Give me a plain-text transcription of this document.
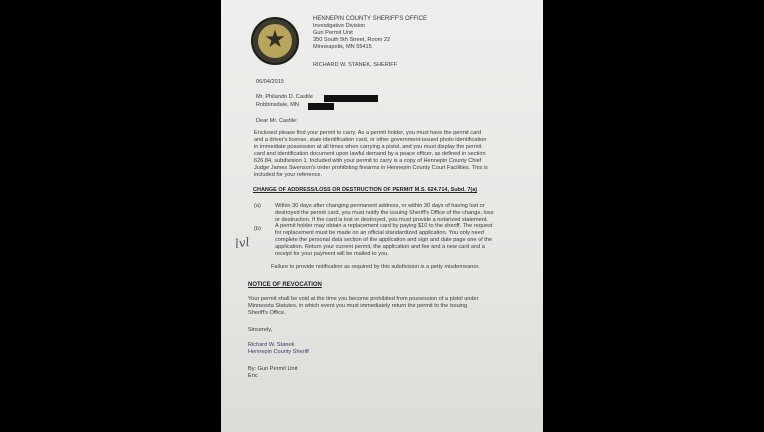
★
HENNEPIN COUNTY SHERIFF'S OFFICE
Investigative Division
Gun Permit Unit
350 South 5th Street, Room 22
Minneapolis, MN 55415
RICHARD W. STANEK, SHERIFF
06/04/2015
Mr. Philando D. Castile
Robbinsdale, MN
Dear Mr. Castile:
Enclosed please find your permit to carry. As a permit holder, you must have the permit card
and a driver's license, state identification card, or other government-issued photo identification
in immediate possession at all times when carrying a pistol, and you must display the permit
card and identification document upon lawful demand by a peace officer, as defined in section
626.84, subdivision 1. Included with your permit to carry is a copy of Hennepin County Chief
Judge James Swenson's order prohibiting firearms in Hennepin County Court Facilities. This is
included for your reference.
CHANGE OF ADDRESS/LOSS OR DESTRUCTION OF PERMIT M.S. 624.714, Subd. 7(a)
(a)	Within 30 days after changing permanent address, or within 30 days of having lost or
destroyed the permit card, you must notify the issuing Sheriff's Office of the change, loss
or destruction. If the card is lost or destroyed, you must provide a notarized statement.
(b)	A permit holder may obtain a replacement card by paying $10 to the sheriff. The request
for replacement must be made on an official standardized application. You only need
complete the personal data section of the application and sign and date page one of the
application. Return your current permit, the application and fee and a new card and a
receipt for your payment will be mailed to you.
lvl
Failure to provide notification as required by this subdivision is a petty misdemeanor.
NOTICE OF REVOCATION
Your permit shall be void at the time you become prohibited from possession of a pistol under
Minnesota Statutes, in which event you must immediately return the permit to the issuing
Sheriff's Office.
Sincerely,
Richard W. Stanek
Hennepin County Sheriff
By: Gun Permit Unit
Enc
